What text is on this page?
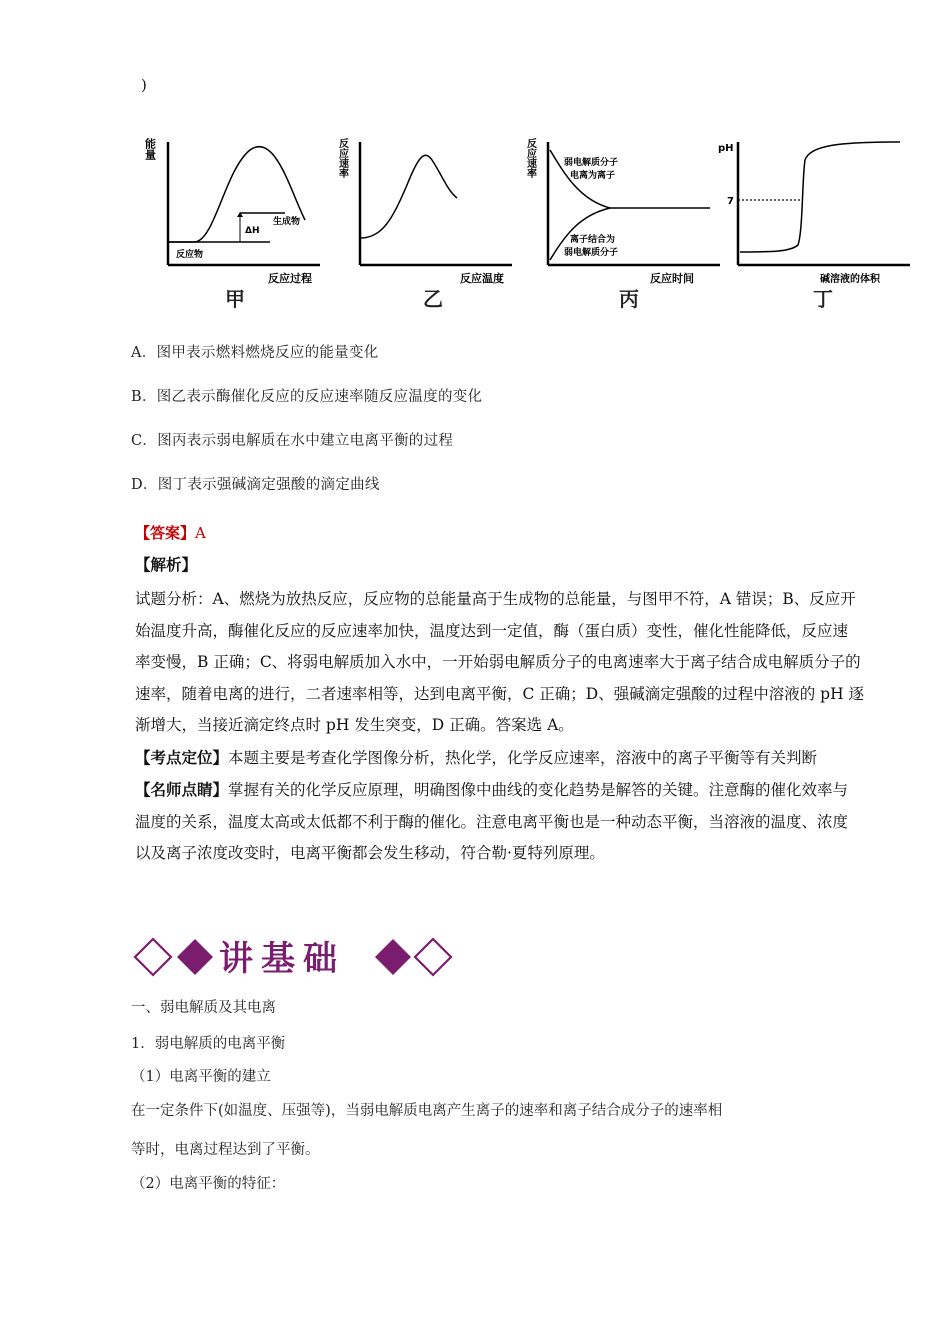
)
能量
ΔH
反应物
生成物
反应过程
反应速率
反应温度
反应速率	弱电解质分子
电离为离子
离子结合为
弱电解质分子
反应时间
pH
7
碱溶液的体积
甲	乙	丙	丁
A．图甲表示燃料燃烧反应的能量变化
B．图乙表示酶催化反应的反应速率随反应温度的变化
C．图丙表示弱电解质在水中建立电离平衡的过程
D．图丁表示强碱滴定强酸的滴定曲线
【答案】A
【解析】
试题分析：A、燃烧为放热反应，反应物的总能量高于生成物的总能量，与图甲不符，A 错误；B、反应开
始温度升高，酶催化反应的反应速率加快，温度达到一定值，酶（蛋白质）变性，催化性能降低，反应速
率变慢，B 正确；C、将弱电解质加入水中，一开始弱电解质分子的电离速率大于离子结合成电解质分子的
速率，随着电离的进行，二者速率相等，达到电离平衡，C 正确；D、强碱滴定强酸的过程中溶液的 pH 逐
渐增大，当接近滴定终点时 pH 发生突变，D 正确。答案选 A。
【考点定位】本题主要是考查化学图像分析，热化学，化学反应速率，溶液中的离子平衡等有关判断
【名师点睛】掌握有关的化学反应原理，明确图像中曲线的变化趋势是解答的关键。注意酶的催化效率与
温度的关系，温度太高或太低都不利于酶的催化。注意电离平衡也是一种动态平衡，当溶液的温度、浓度
以及离子浓度改变时，电离平衡都会发生移动，符合勒·夏特列原理。
讲基础
一、弱电解质及其电离
1．弱电解质的电离平衡
（1）电离平衡的建立
在一定条件下(如温度、压强等)，当弱电解质电离产生离子的速率和离子结合成分子的速率相
等时，电离过程达到了平衡。
（2）电离平衡的特征：
